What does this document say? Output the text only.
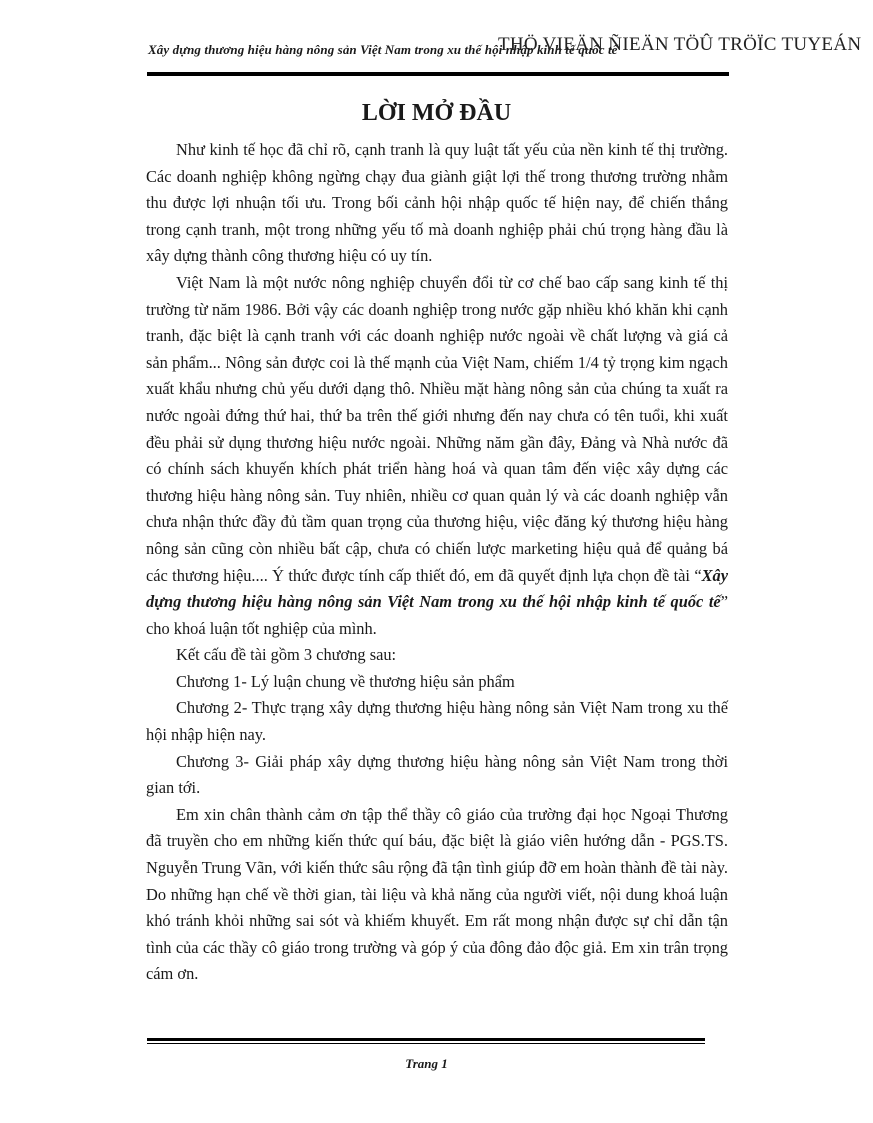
Xây dựng thương hiệu hàng nông sản Việt Nam trong xu thế hội nhập kinh tế quốc tế
THÖ VIEÄN ÑIEÄN TÖÛ TRÖÏC TUYEÁN
LỜI MỞ ĐẦU

Như kinh tế học đã chỉ rõ, cạnh tranh là quy luật tất yếu của nền kinh tế thị trường. Các doanh nghiệp không ngừng chạy đua giành giật lợi thế trong thương trường nhằm thu được lợi nhuận tối ưu. Trong bối cảnh hội nhập quốc tế hiện nay, để chiến thắng trong cạnh tranh, một trong những yếu tố mà doanh nghiệp phải chú trọng hàng đầu là xây dựng thành công thương hiệu có uy tín.

Việt Nam là một nước nông nghiệp chuyển đổi từ cơ chế bao cấp sang kinh tế thị trường từ năm 1986. Bởi vậy các doanh nghiệp trong nước gặp nhiều khó khăn khi cạnh tranh, đặc biệt là cạnh tranh với các doanh nghiệp nước ngoài về chất lượng và giá cả sản phẩm... Nông sản được coi là thế mạnh của Việt Nam, chiếm 1/4 tỷ trọng kim ngạch xuất khẩu nhưng chủ yếu dưới dạng thô. Nhiều mặt hàng nông sản của chúng ta xuất ra nước ngoài đứng thứ hai, thứ ba trên thế giới nhưng đến nay chưa có tên tuổi, khi xuất đều phải sử dụng thương hiệu nước ngoài. Những năm gần đây, Đảng và Nhà nước đã có chính sách khuyến khích phát triển hàng hoá và quan tâm đến việc xây dựng các thương hiệu hàng nông sản. Tuy nhiên, nhiều cơ quan quản lý và các doanh nghiệp vẫn chưa nhận thức đầy đủ tầm quan trọng của thương hiệu, việc đăng ký thương hiệu hàng nông sản cũng còn nhiều bất cập, chưa có chiến lược marketing hiệu quả để quảng bá các thương hiệu.... Ý thức được tính cấp thiết đó, em đã quyết định lựa chọn đề tài “Xây dựng thương hiệu hàng nông sản Việt Nam trong xu thế hội nhập kinh tế quốc tế” cho khoá luận tốt nghiệp của mình.

Kết cấu đề tài gồm 3 chương sau:

Chương 1- Lý luận chung về thương hiệu sản phẩm

Chương 2- Thực trạng xây dựng thương hiệu hàng nông sản Việt Nam trong xu thế hội nhập hiện nay.

Chương 3- Giải pháp xây dựng thương hiệu hàng nông sản Việt Nam trong thời gian tới.

Em xin chân thành cảm ơn tập thể thầy cô giáo của trường đại học Ngoại Thương đã truyền cho em những kiến thức quí báu, đặc biệt là giáo viên hướng dẫn - PGS.TS. Nguyễn Trung Vãn, với kiến thức sâu rộng đã tận tình giúp đỡ em hoàn thành đề tài này. Do những hạn chế về thời gian, tài liệu và khả năng của người viết, nội dung khoá luận khó tránh khỏi những sai sót và khiếm khuyết. Em rất mong nhận được sự chỉ dẫn tận tình của các thầy cô giáo trong trường và góp ý của đông đảo độc giả. Em xin trân trọng cám ơn.

Trang 1
